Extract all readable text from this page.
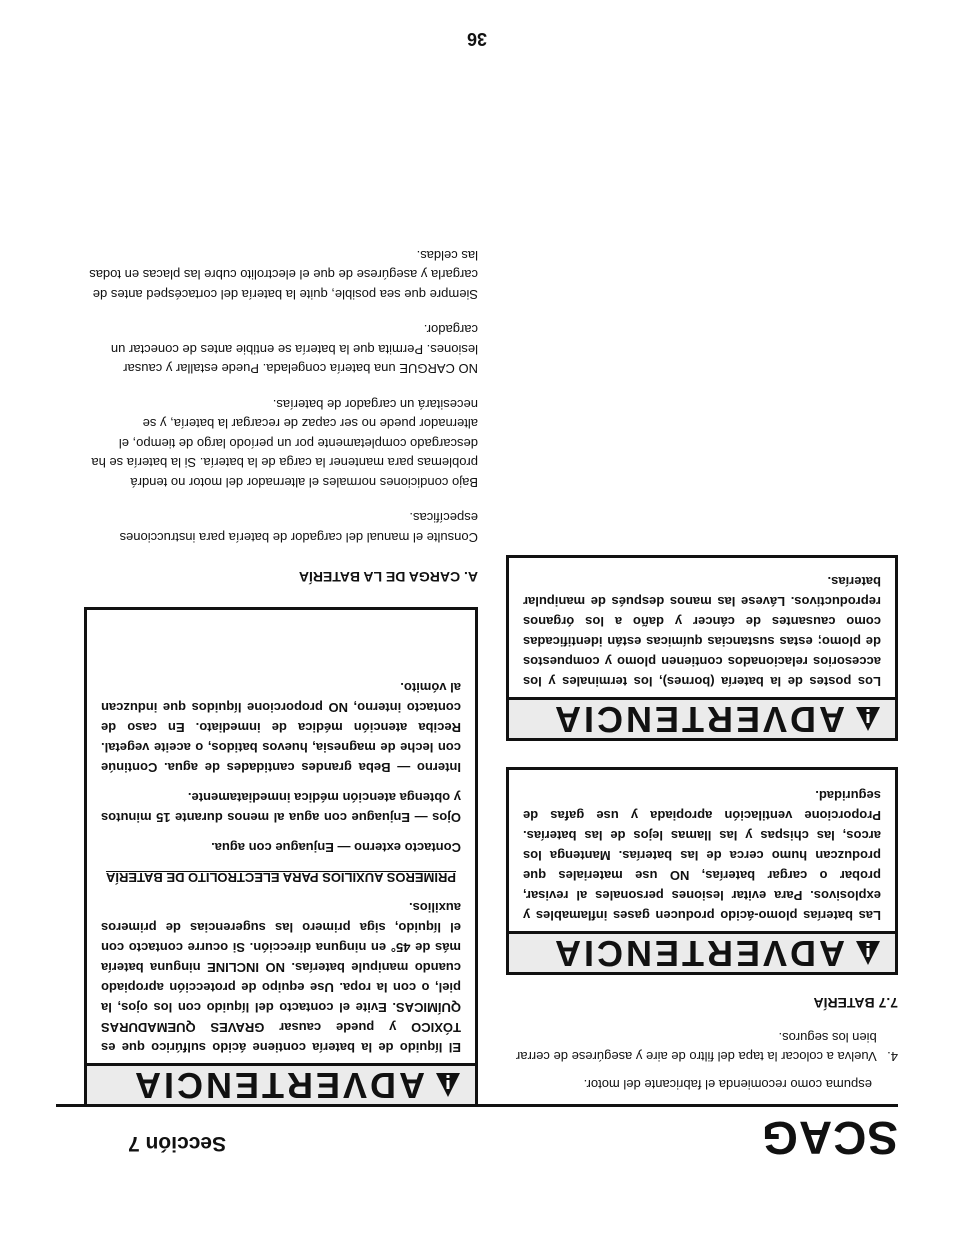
SCAG
Sección 7

espuma como recomienda el fabricante del motor.

4.
Vuelva a colocar la tapa del filtro de aire y asegúrese de cerrar bien los seguros.

7.7 BATERÍA

ADVERTENCIA

Las baterías plomo-ácido producen gases inflamables y explosivos. Para evitar lesiones personales al revisar, probar o cargar baterías, NO use materiales que produzcan humo cerca de las baterías. Mantenga los arcos, las chispas y las llamas lejos de las baterías. Proporcione ventilación apropiada y use gafas de seguridad.

ADVERTENCIA

Los postes de la batería (bornes), los terminales y los accesorios relacionados contienen plomo y compuestos de plomo; estas sustancias químicas están identificadas como causantes de cáncer y daño a los órganos reproductivos. Lávese las manos después de manipular baterías.

ADVERTENCIA

El líquido de la batería contiene ácido sulfúrico que es TÓXICO y puede causar GRAVES QUEMADURAS QUÍMICAS. Evite el contacto del líquido con los ojos, la piel, o con la ropa. Use equipo de protección apropiado cuando manipule baterías. NO INCLINE ninguna batería más de 45° en ninguna dirección. Si ocurre contacto con el líquido, siga primero las sugerencias de primeros auxilios.

PRIMEROS AUXILIOS PARA ELECTROLITO DE BATERÍA

Contacto externo — Enjuague con agua.

Ojos — Enjuague con agua al menos durante 15 minutos y obtenga atención médica inmediatamente.

Interno — Beba grandes cantidades de agua. Continúe con leche de magnesia, huevos batidos, o aceite vegetal. Reciba atención médica de inmediato. En caso de contacto interno, NO proporcione líquidos que induzcan al vómito.

A. CARGA DE LA BATERÍA

Consulte el manual del cargador de batería para instrucciones específicas.

Bajo condiciones normales el alternador del motor no tendrá problemas para mantener la carga de la batería. Si la batería se ha descargado completamente por un período largo de tiempo, el alternador puede no ser capaz de recargar la batería, y se necesitará un cargador de baterías.

NO CARGUE una batería congelada. Puede estallar y causar lesiones. Permita que la batería se entibie antes de conectar un cargador.

Siempre que sea posible, quite la batería del cortacésped antes de cargarla y asegúrese de que el electrolito cubre las placas en todas las celdas.

36
